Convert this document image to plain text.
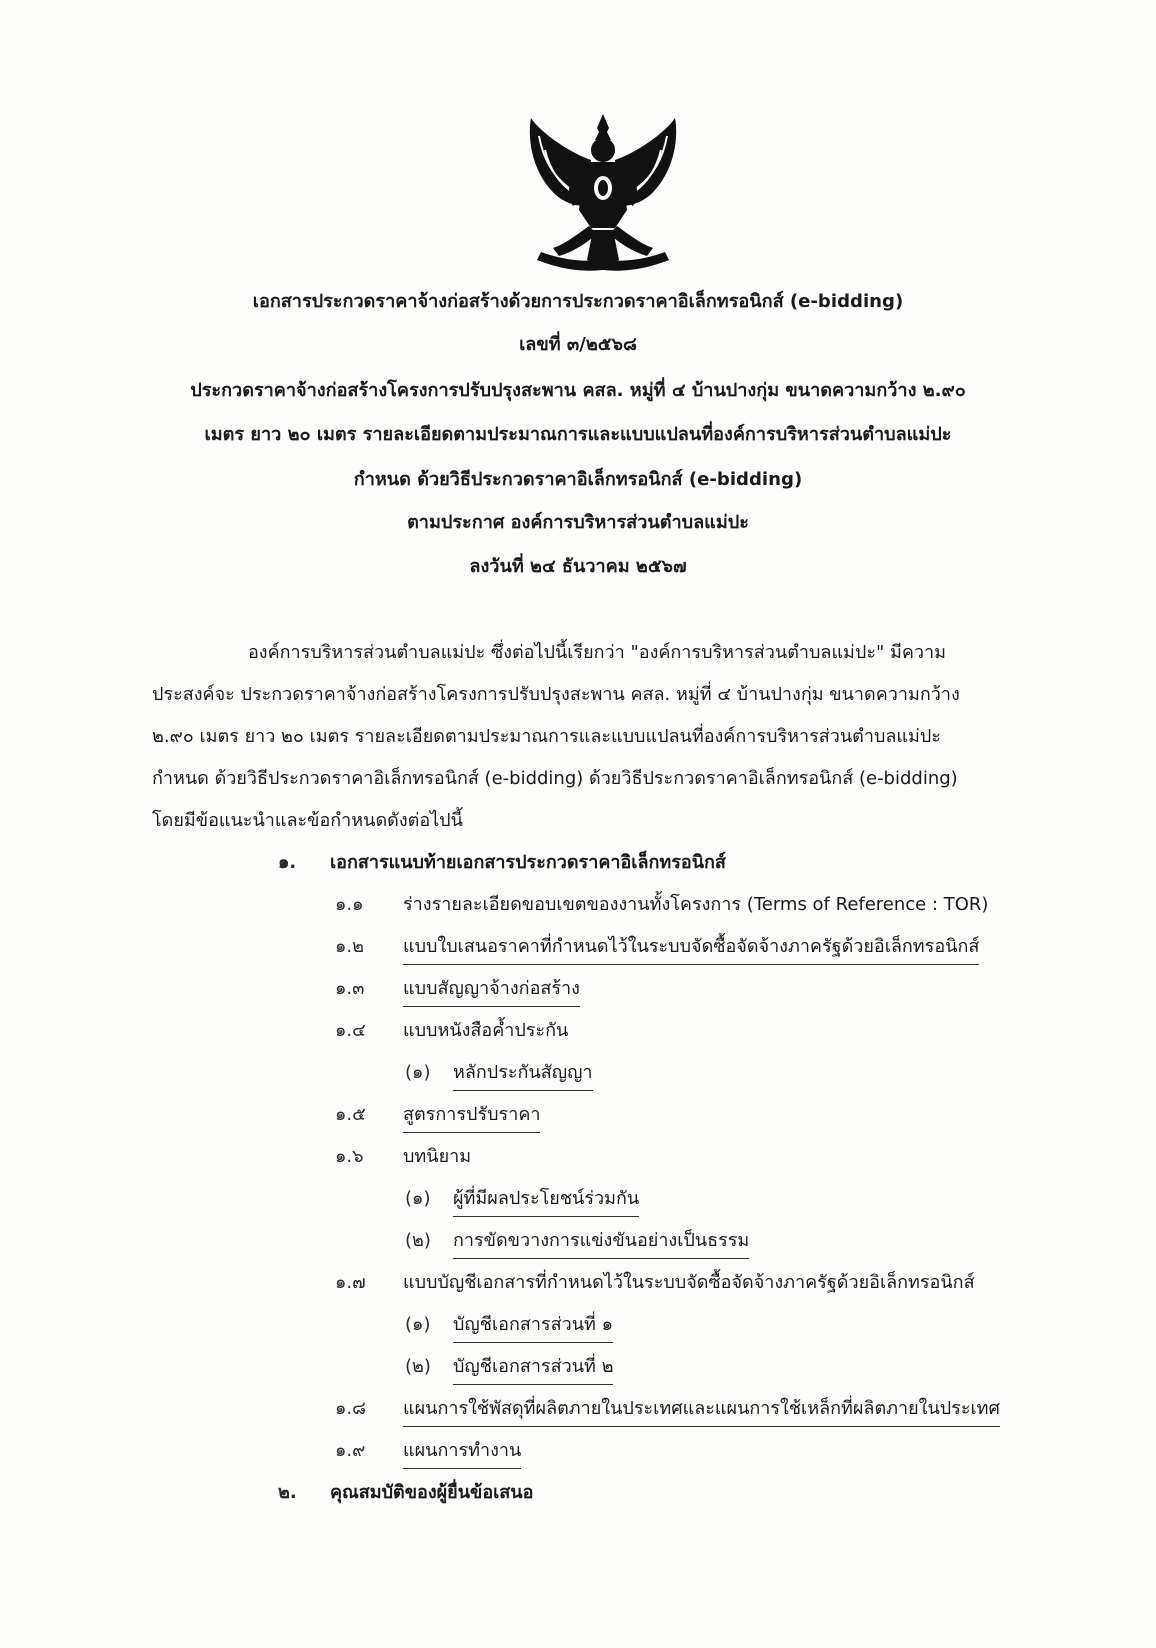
เอกสารประกวดราคาจ้างก่อสร้างด้วยการประกวดราคาอิเล็กทรอนิกส์ (e-bidding)
เลขที่ ๓/๒๕๖๘
ประกวดราคาจ้างก่อสร้างโครงการปรับปรุงสะพาน คสล. หมู่ที่ ๔ บ้านปางกุ่ม ขนาดความกว้าง ๒.๙๐
เมตร ยาว ๒๐ เมตร รายละเอียดตามประมาณการและแบบแปลนที่องค์การบริหารส่วนตำบลแม่ปะ
กำหนด ด้วยวิธีประกวดราคาอิเล็กทรอนิกส์ (e-bidding)
ตามประกาศ องค์การบริหารส่วนตำบลแม่ปะ
ลงวันที่ ๒๔ ธันวาคม ๒๕๖๗
องค์การบริหารส่วนตำบลแม่ปะ ซึ่งต่อไปนี้เรียกว่า "องค์การบริหารส่วนตำบลแม่ปะ" มีความ
ประสงค์จะ ประกวดราคาจ้างก่อสร้างโครงการปรับปรุงสะพาน คสล. หมู่ที่ ๔ บ้านปางกุ่ม ขนาดความกว้าง
๒.๙๐ เมตร ยาว ๒๐ เมตร รายละเอียดตามประมาณการและแบบแปลนที่องค์การบริหารส่วนตำบลแม่ปะ
กำหนด ด้วยวิธีประกวดราคาอิเล็กทรอนิกส์ (e-bidding) ด้วยวิธีประกวดราคาอิเล็กทรอนิกส์ (e-bidding)
โดยมีข้อแนะนำและข้อกำหนดดังต่อไปนี้
๑. เอกสารแนบท้ายเอกสารประกวดราคาอิเล็กทรอนิกส์
๑.๑ ร่างรายละเอียดขอบเขตของงานทั้งโครงการ (Terms of Reference : TOR)
๑.๒ แบบใบเสนอราคาที่กำหนดไว้ในระบบจัดซื้อจัดจ้างภาครัฐด้วยอิเล็กทรอนิกส์
๑.๓ แบบสัญญาจ้างก่อสร้าง
๑.๔ แบบหนังสือค้ำประกัน
(๑) หลักประกันสัญญา
๑.๕ สูตรการปรับราคา
๑.๖ บทนิยาม
(๑) ผู้ที่มีผลประโยชน์ร่วมกัน
(๒) การขัดขวางการแข่งขันอย่างเป็นธรรม
๑.๗ แบบบัญชีเอกสารที่กำหนดไว้ในระบบจัดซื้อจัดจ้างภาครัฐด้วยอิเล็กทรอนิกส์
(๑) บัญชีเอกสารส่วนที่ ๑
(๒) บัญชีเอกสารส่วนที่ ๒
๑.๘ แผนการใช้พัสดุที่ผลิตภายในประเทศและแผนการใช้เหล็กที่ผลิตภายในประเทศ
๑.๙ แผนการทำงาน
๒. คุณสมบัติของผู้ยื่นข้อเสนอ
